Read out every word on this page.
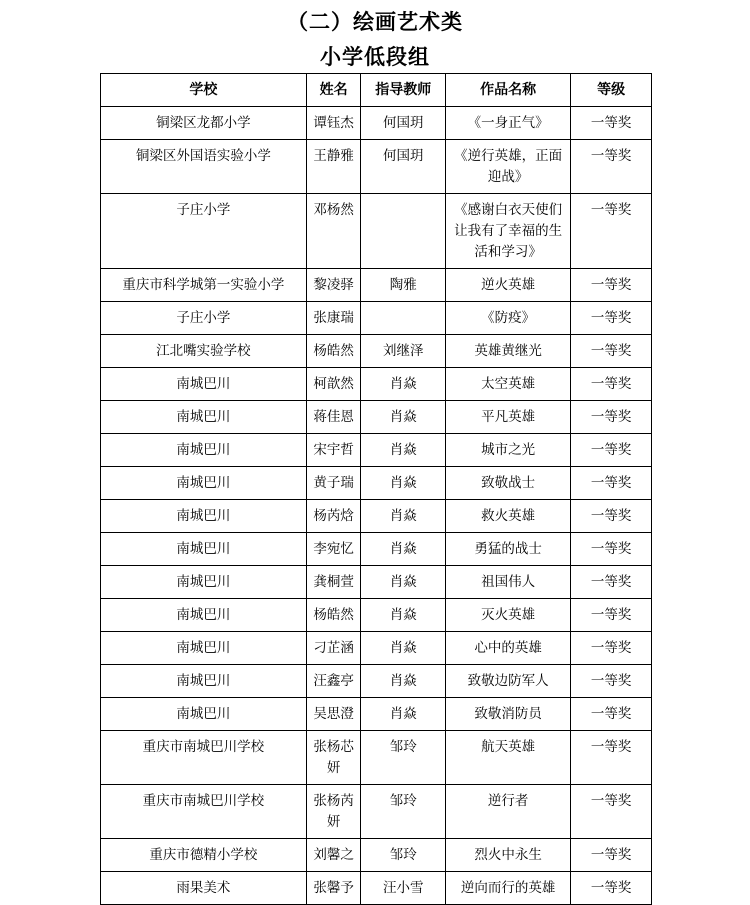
（二）绘画艺术类
小学低段组
学校	姓名	指导教师	作品名称	等级
铜梁区龙都小学	谭钰杰	何国玥	《一身正气》	一等奖
铜梁区外国语实验小学	王静雅	何国玥	《逆行英雄，正面迎战》	一等奖
子庄小学	邓杨然		《感谢白衣天使们让我有了幸福的生活和学习》	一等奖
重庆市科学城第一实验小学	黎凌驿	陶雅	逆火英雄	一等奖
子庄小学	张康瑞		《防疫》	一等奖
江北嘴实验学校	杨皓然	刘继泽	英雄黄继光	一等奖
南城巴川	柯歆然	肖焱	太空英雄	一等奖
南城巴川	蒋佳恩	肖焱	平凡英雄	一等奖
南城巴川	宋宇哲	肖焱	城市之光	一等奖
南城巴川	黄子瑞	肖焱	致敬战士	一等奖
南城巴川	杨芮焓	肖焱	救火英雄	一等奖
南城巴川	李宛忆	肖焱	勇猛的战士	一等奖
南城巴川	龚桐萱	肖焱	祖国伟人	一等奖
南城巴川	杨皓然	肖焱	灭火英雄	一等奖
南城巴川	刁芷涵	肖焱	心中的英雄	一等奖
南城巴川	汪鑫亭	肖焱	致敬边防军人	一等奖
南城巴川	吴思澄	肖焱	致敬消防员	一等奖
重庆市南城巴川学校	张杨芯妍	邹玲	航天英雄	一等奖
重庆市南城巴川学校	张杨芮妍	邹玲	逆行者	一等奖
重庆市德精小学校	刘馨之	邹玲	烈火中永生	一等奖
雨果美术	张馨予	汪小雪	逆向而行的英雄	一等奖
